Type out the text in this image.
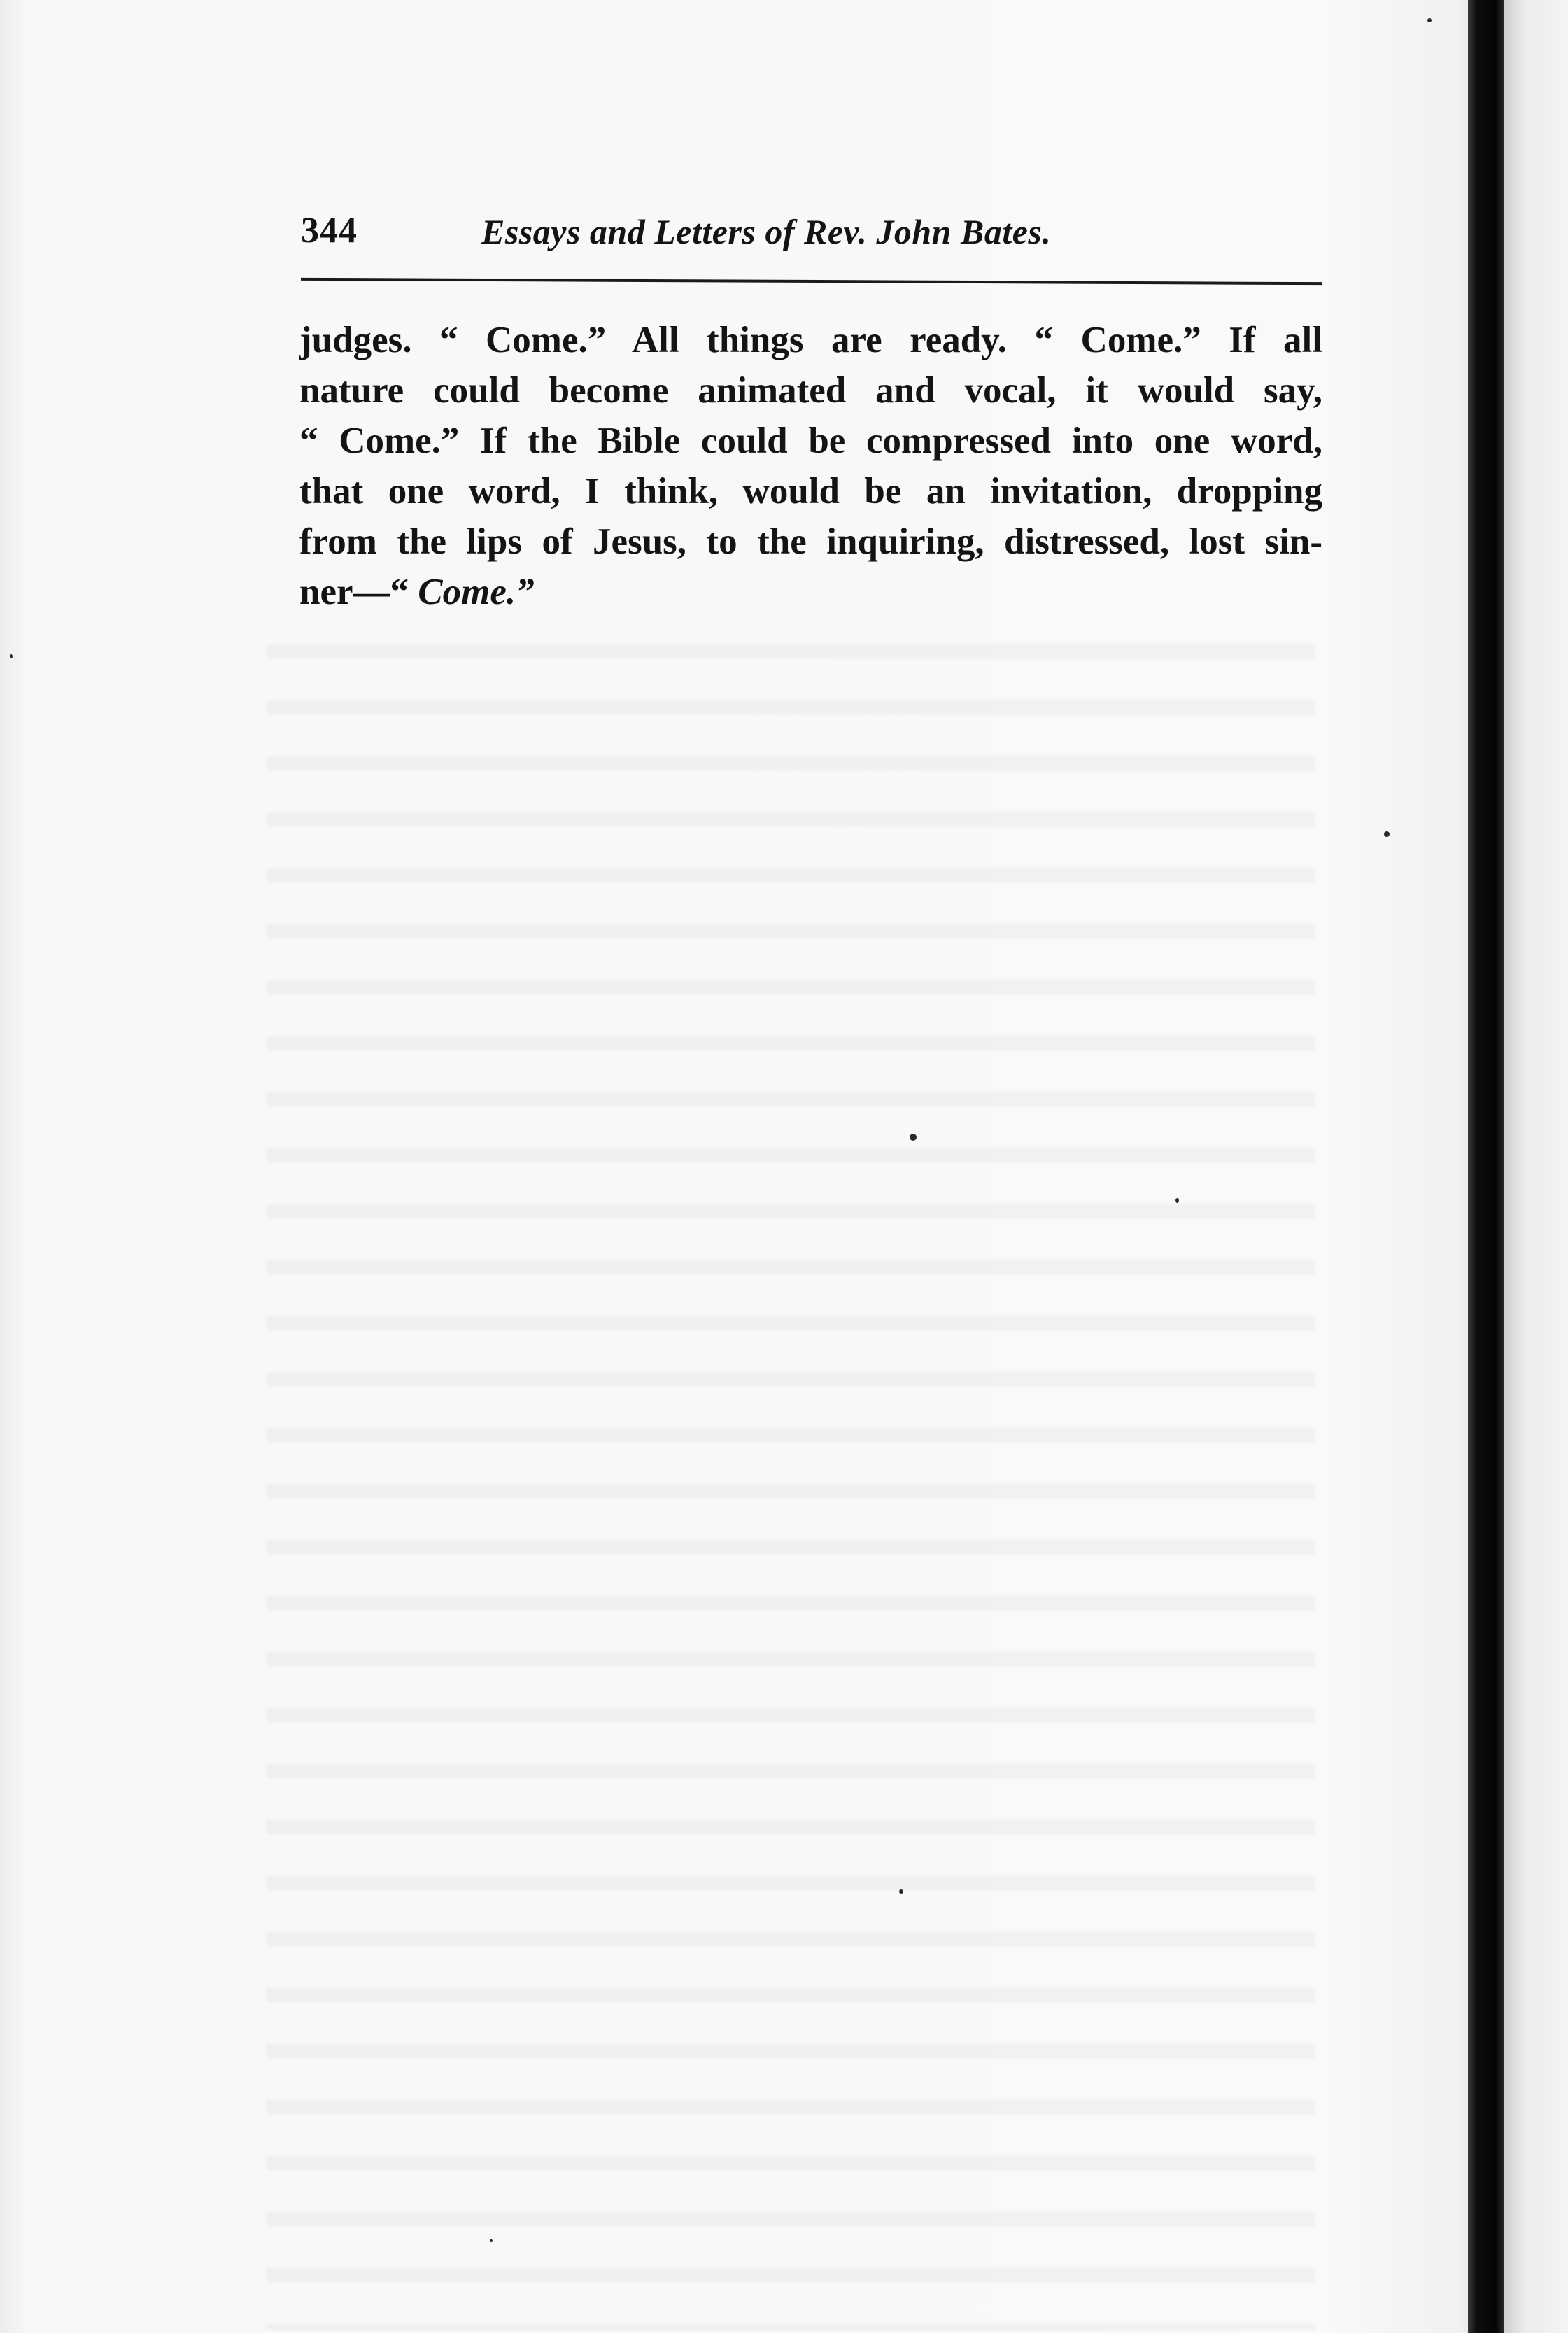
344	Essays and Letters of Rev. John Bates.
judges. “ Come.” All things are ready. “ Come.” If all
nature could become animated and vocal, it would say,
“ Come.” If the Bible could be compressed into one word,
that one word, I think, would be an invitation, dropping
from the lips of Jesus, to the inquiring, distressed, lost sin-
ner—“ Come.”
